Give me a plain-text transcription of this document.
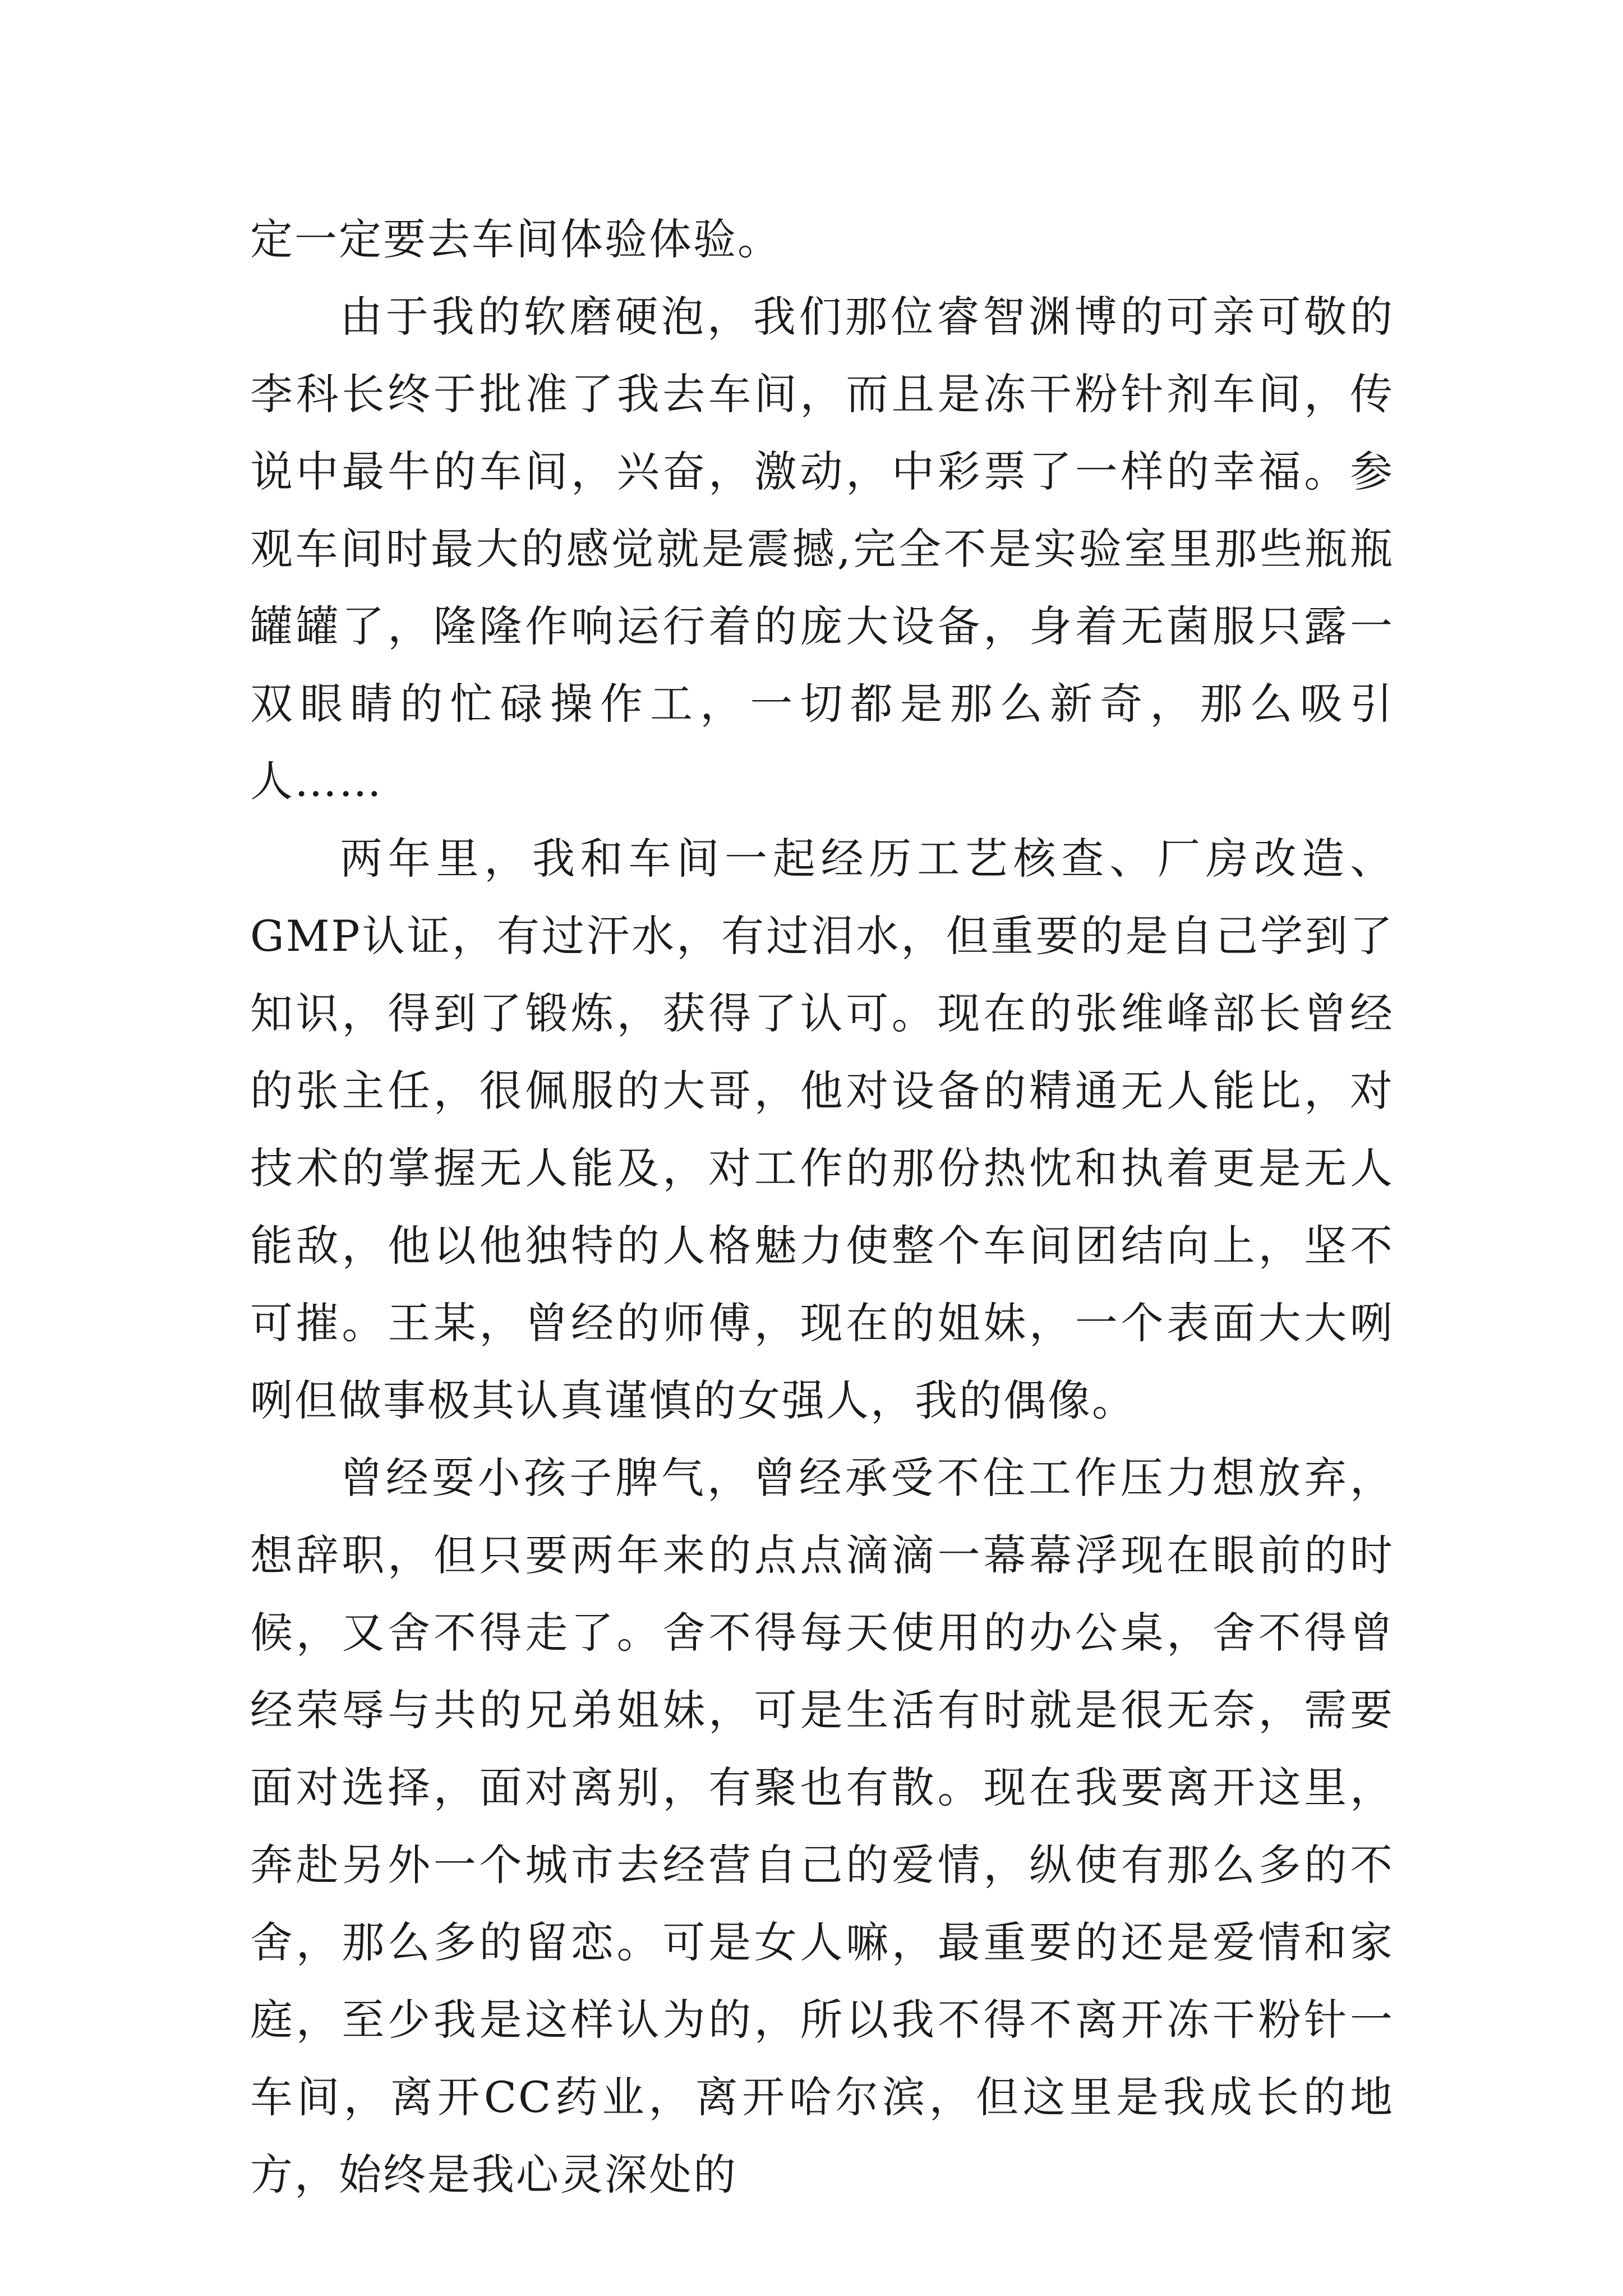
定一定要去车间体验体验。

由于我的软磨硬泡，我们那位睿智渊博的可亲可敬的李科长终于批准了我去车间，而且是冻干粉针剂车间，传说中最牛的车间，兴奋，激动，中彩票了一样的幸福。参观车间时最大的感觉就是震撼,完全不是实验室里那些瓶瓶罐罐了，隆隆作响运行着的庞大设备，身着无菌服只露一双眼睛的忙碌操作工，一切都是那么新奇，那么吸引人……

两年里，我和车间一起经历工艺核查、厂房改造、GMP认证，有过汗水，有过泪水，但重要的是自己学到了知识，得到了锻炼，获得了认可。现在的张维峰部长曾经的张主任，很佩服的大哥，他对设备的精通无人能比，对技术的掌握无人能及，对工作的那份热忱和执着更是无人能敌，他以他独特的人格魅力使整个车间团结向上，坚不可摧。王某，曾经的师傅，现在的姐妹，一个表面大大咧咧但做事极其认真谨慎的女强人，我的偶像。

曾经耍小孩子脾气，曾经承受不住工作压力想放弃，想辞职，但只要两年来的点点滴滴一幕幕浮现在眼前的时候，又舍不得走了。舍不得每天使用的办公桌，舍不得曾经荣辱与共的兄弟姐妹，可是生活有时就是很无奈，需要面对选择，面对离别，有聚也有散。现在我要离开这里，奔赴另外一个城市去经营自己的爱情，纵使有那么多的不舍，那么多的留恋。可是女人嘛，最重要的还是爱情和家庭，至少我是这样认为的，所以我不得不离开冻干粉针一车间，离开CC药业，离开哈尔滨，但这里是我成长的地方，始终是我心灵深处的
